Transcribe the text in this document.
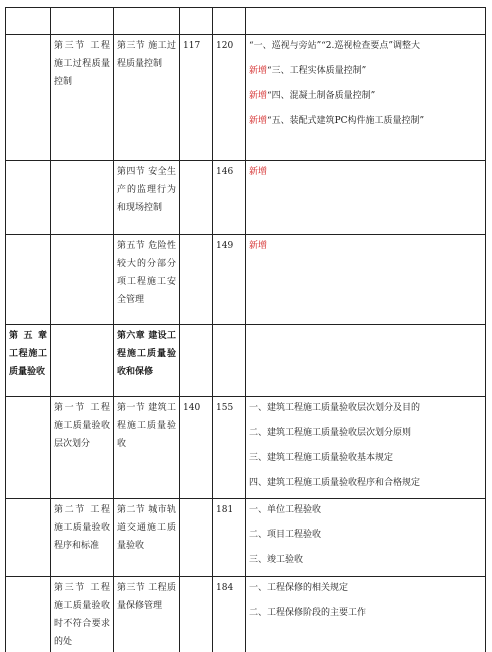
	第三节 工程施工过程质量控制	第三节 施工过程质量控制	117	120	“一、巡视与旁站”“2.巡视检查要点”调整大
新增“三、工程实体质量控制”
新增“四、混凝土制备质量控制”
新增“五、装配式建筑PC构件施工质量控制”

		第四节 安全生产的监理行为和现场控制		146	新增

		第五节 危险性较大的分部分项工程施工安全管理		149	新增

第五章 工程施工质量验收		第六章 建设工程施工质量验收和保修			
	第一节 工程施工质量验收层次划分	第一节 建筑工程施工质量验收	140	155	一、建筑工程施工质量验收层次划分及目的
二、建筑工程施工质量验收层次划分原则
三、建筑工程施工质量验收基本规定
四、建筑工程施工质量验收程序和合格规定

	第二节 工程施工质量验收程序和标准	第二节 城市轨道交通施工质量验收		181	一、单位工程验收
二、项目工程验收
三、竣工验收

	第三节 工程施工质量验收时不符合要求的处	第三节 工程质量保修管理		184	一、工程保修的相关规定
二、工程保修阶段的主要工作
